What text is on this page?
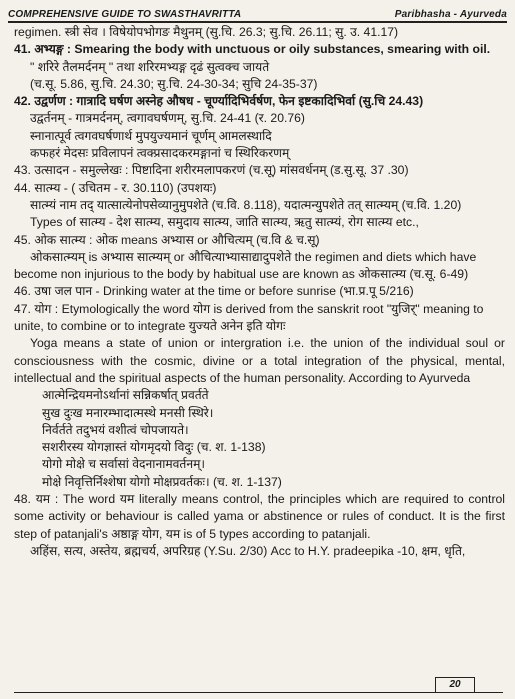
COMPREHENSIVE GUIDE TO SWASTHAVRITTA	Paribhasha - Ayurveda
regimen. स्त्री सेव । विषेयोपभोगङ मैथुनम् (सु.चि. 26.3; सु.चि. 26.11; सु. उ. 41.17)
41. अभ्यङ्ग : Smearing the body with unctuous or oily substances, smearing with oil.
" शरिरे तैलमर्दनम् " तथा शरिरमभ्यङ्ग दृढं सुत्वक्च जायते
(च.सू. 5.86, सु.चि. 24.30; सु.चि. 24-30-34; सुचि 24-35-37)
42. उद्वर्णण : गात्रादि घर्षण अस्नेह औषध - चूर्ण्यादिभिर्वर्षण, फेन इष्टकादिभिर्वा (सु.चि 24.43)
उद्वर्तनम् - गात्रमर्दनम्, त्वगावघर्षणम्, सु.चि. 24-41 (र. 20.76)
स्नानात्पूर्व त्वगवघर्षणार्थ मुपयुज्यमानं चूर्णम् आमलस्थादि
कफहरं मेदसः प्रविलापनं त्वक्प्रसादकरमङ्गानां च स्थिरिकरणम्
43. उत्सादन - समुल्लेखः : पिष्टादिना शरीरमलापकरणं (च.सू) मांसवर्धनम् (ड.सु.सू. 37 .30)
44. सात्म्य - ( उचितम - र. 30.110) (उपशयः)
सात्म्यं नाम तद् यात्सात्येनोपसेव्यानुमुपशेते (च.वि. 8.118), यदात्मन्युपशेते तत् सात्म्यम् (च.वि. 1.20)
Types of सात्म्य - देश सात्म्य, समुदाय सात्म्य, जाति सात्म्य, ऋतु सात्म्यं, रोग सात्म्य etc.,
45. ओक सात्म्य : ओक means अभ्यास or औचित्यम् (च.वि & च.सू)
ओकसात्म्यम् is अभ्यास सात्म्यम् or औचित्याभ्यासाद्यादुपशेते the regimen and diets which have
become non injurious to the body by habitual use are known as ओकसात्म्य (च.सू. 6-49)
46. उषा जल पान - Drinking water at the time or before sunrise (भा.प्र.पू 5/216)
47. योग : Etymologically the word योग is derived from the sanskrit root "युजिर्" meaning to
unite, to combine or to integrate युज्यते अनेन इति योगः
Yoga means a state of union or intergration i.e. the union of the individual soul or consciousness with the cosmic, divine or a total integration of the physical, mental, intellectual and the spiritual aspects of the human personality. According to Ayurveda
आत्मेन्द्रियमनोऽर्थानां सन्निकर्षात् प्रवर्तते
सुख दुःख मनारम्भादात्मस्थे मनसी स्थिरे।
निर्वर्तते तदुभयं वशीत्वं चोपजायते।
सशरीरस्य योगज्ञास्तं योगमृदयो विदुः (च. श. 1-138)
योगो मोक्षे च सर्वासां वेदनानामवर्तनम्।
मोक्षे निवृत्तिर्निश्शेषा योगो मोक्षप्रवर्तकः। (च. श. 1-137)
48. यम : The word यम literally means control, the principles which are required to control some activity or behaviour is called yama or abstinence or rules of conduct. It is the first step of patanjali's अष्ठाङ्ग योग, यम is of 5 types according to patanjali.
अहिंस, सत्य, अस्तेय, ब्रह्मचर्य, अपरिग्रह (Y.Su. 2/30) Acc to H.Y. pradeepika -10, क्षम, धृति,
20
